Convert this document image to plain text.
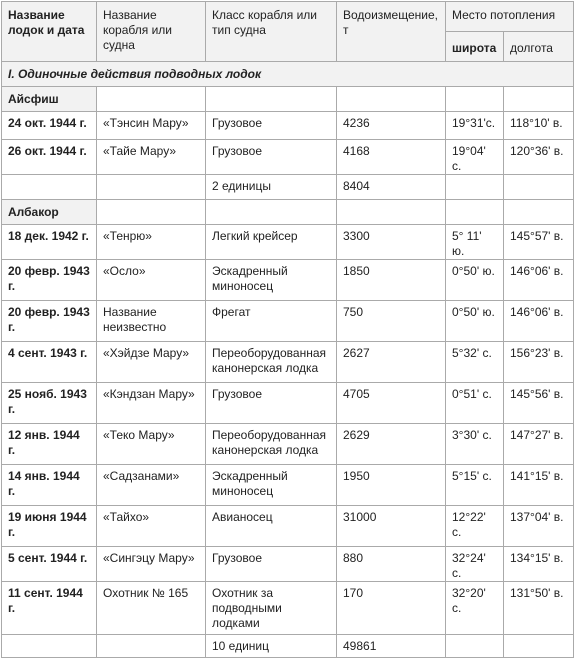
Название лодок и дата	Название корабля или судна	Класс корабля или тип судна	Водоизмещение, т	Место потопления	
				широта	долгота
I. Одиночные действия подводных лодок					
Айсфиш					
24 окт. 1944 г.	«Тэнсин Мару»	Грузовое	4236	19°31'с.	118°10' в.
26 окт. 1944 г.	«Тайе Мару»	Грузовое	4168	19°04' с.	120°36' в.
		2 единицы	8404		
Албакор					
18 дек. 1942 г.	«Тенрю»	Легкий крейсер	3300	5° 11' ю.	145°57' в.
20 февр. 1943 г.	«Осло»	Эскадренный миноносец	1850	0°50' ю.	146°06' в.
20 февр. 1943 г.	Название неизвестно	Фрегат	750	0°50' ю.	146°06' в.
4 сент. 1943 г.	«Хэйдзе Мару»	Переоборудованная канонерская лодка	2627	5°32' с.	156°23' в.
25 нояб. 1943 г.	«Кэндзан Мару»	Грузовое	4705	0°51' с.	145°56' в.
12 янв. 1944 г.	«Теко Мару»	Переоборудованная канонерская лодка	2629	3°30' с.	147°27' в.
14 янв. 1944 г.	«Садзанами»	Эскадренный миноносец	1950	5°15' с.	141°15' в.
19 июня 1944 г.	«Тайхо»	Авианосец	31000	12°22' с.	137°04' в.
5 сент. 1944 г.	«Сингэцу Мару»	Грузовое	880	32°24' с.	134°15' в.
11 сент. 1944 г.	Охотник № 165	Охотник за подводными лодками	170	32°20' с.	131°50' в.
		10 единиц	49861		
